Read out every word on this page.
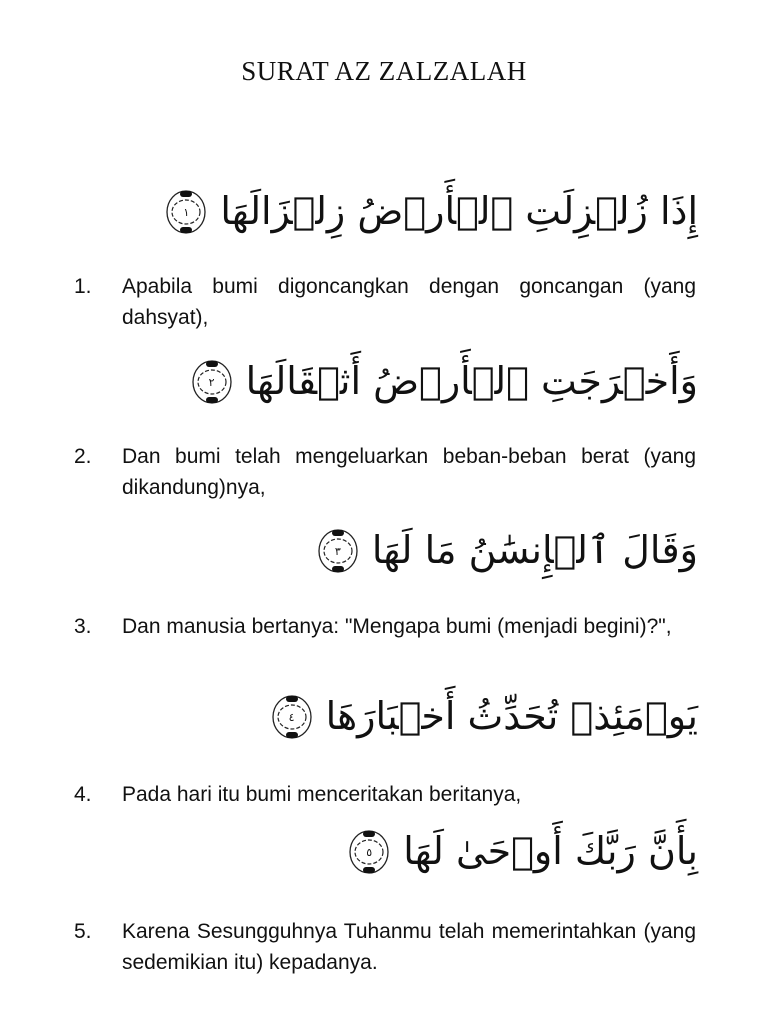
SURAT AZ ZALZALAH
١ إِذَا زُلۡزِلَتِ ٱلۡأَرۡضُ زِلۡزَالَهَا
1.	Apabila bumi digoncangkan dengan goncangan (yang dahsyat),
٢ وَأَخۡرَجَتِ ٱلۡأَرۡضُ أَثۡقَالَهَا
2.	Dan bumi telah mengeluarkan beban-beban berat (yang dikandung)nya,
٣ وَقَالَ ٱلۡإِنسَٰنُ مَا لَهَا
3.	Dan manusia bertanya: "Mengapa bumi (menjadi begini)?",
٤ يَوۡمَئِذٖ تُحَدِّثُ أَخۡبَارَهَا
4.	Pada hari itu bumi menceritakan beritanya,
٥ بِأَنَّ رَبَّكَ أَوۡحَىٰ لَهَا
5.	Karena Sesungguhnya Tuhanmu telah memerintahkan (yang sedemikian itu) kepadanya.
